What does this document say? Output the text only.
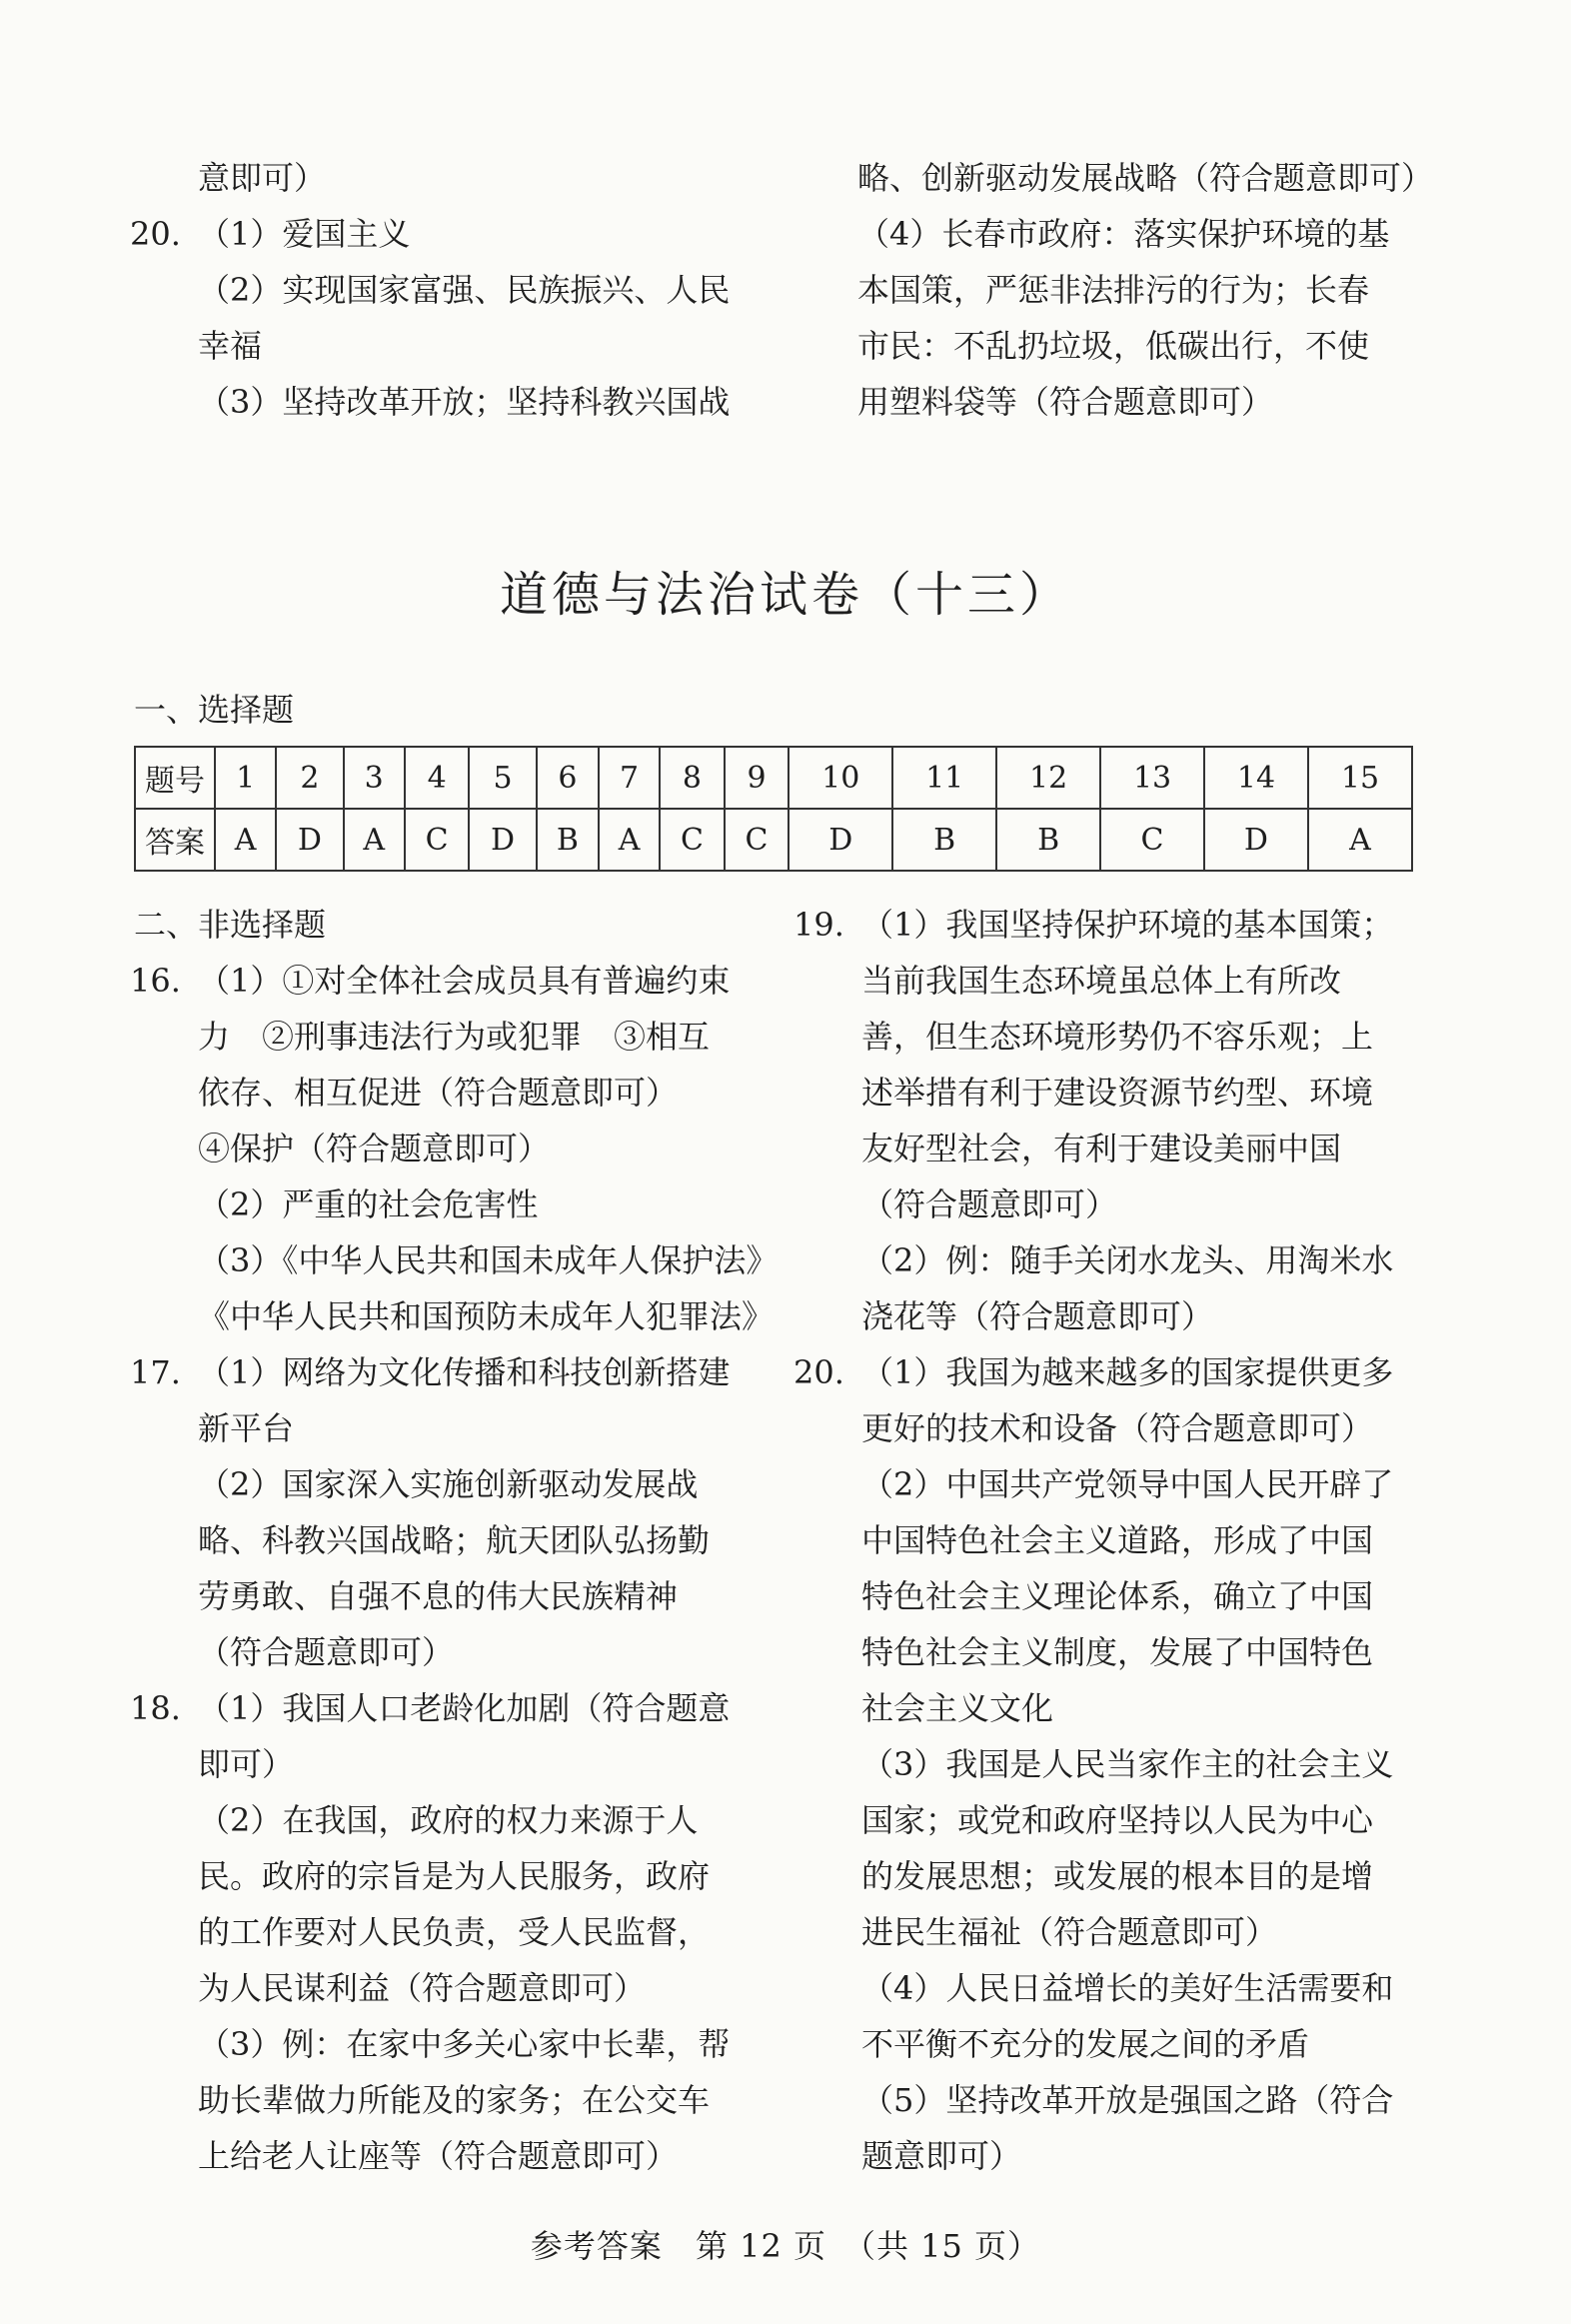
意即可）
20. （1）爱国主义
（2）实现国家富强、民族振兴、人民
幸福
（3）坚持改革开放；坚持科教兴国战
略、创新驱动发展战略（符合题意即可）
（4）长春市政府：落实保护环境的基
本国策，严惩非法排污的行为；长春
市民：不乱扔垃圾，低碳出行，不使
用塑料袋等（符合题意即可）
道德与法治试卷（十三）
一、选择题
题号	1	2	3	4	5	6	7	8	9	10	11	12	13	14	15
答案	A	D	A	C	D	B	A	C	C	D	B	B	C	D	A
二、非选择题
16. （1）①对全体社会成员具有普遍约束
力　②刑事违法行为或犯罪　③相互
依存、相互促进（符合题意即可）
④保护（符合题意即可）
（2）严重的社会危害性
（3）《中华人民共和国未成年人保护法》
《中华人民共和国预防未成年人犯罪法》
17. （1）网络为文化传播和科技创新搭建
新平台
（2）国家深入实施创新驱动发展战
略、科教兴国战略；航天团队弘扬勤
劳勇敢、自强不息的伟大民族精神
（符合题意即可）
18. （1）我国人口老龄化加剧（符合题意
即可）
（2）在我国，政府的权力来源于人
民。政府的宗旨是为人民服务，政府
的工作要对人民负责，受人民监督，
为人民谋利益（符合题意即可）
（3）例：在家中多关心家中长辈，帮
助长辈做力所能及的家务；在公交车
上给老人让座等（符合题意即可）
19. （1）我国坚持保护环境的基本国策；
当前我国生态环境虽总体上有所改
善，但生态环境形势仍不容乐观；上
述举措有利于建设资源节约型、环境
友好型社会，有利于建设美丽中国
（符合题意即可）
（2）例：随手关闭水龙头、用淘米水
浇花等（符合题意即可）
20. （1）我国为越来越多的国家提供更多
更好的技术和设备（符合题意即可）
（2）中国共产党领导中国人民开辟了
中国特色社会主义道路，形成了中国
特色社会主义理论体系，确立了中国
特色社会主义制度，发展了中国特色
社会主义文化
（3）我国是人民当家作主的社会主义
国家；或党和政府坚持以人民为中心
的发展思想；或发展的根本目的是增
进民生福祉（符合题意即可）
（4）人民日益增长的美好生活需要和
不平衡不充分的发展之间的矛盾
（5）坚持改革开放是强国之路（符合
题意即可）
参考答案　第 12 页　（共 15 页）
